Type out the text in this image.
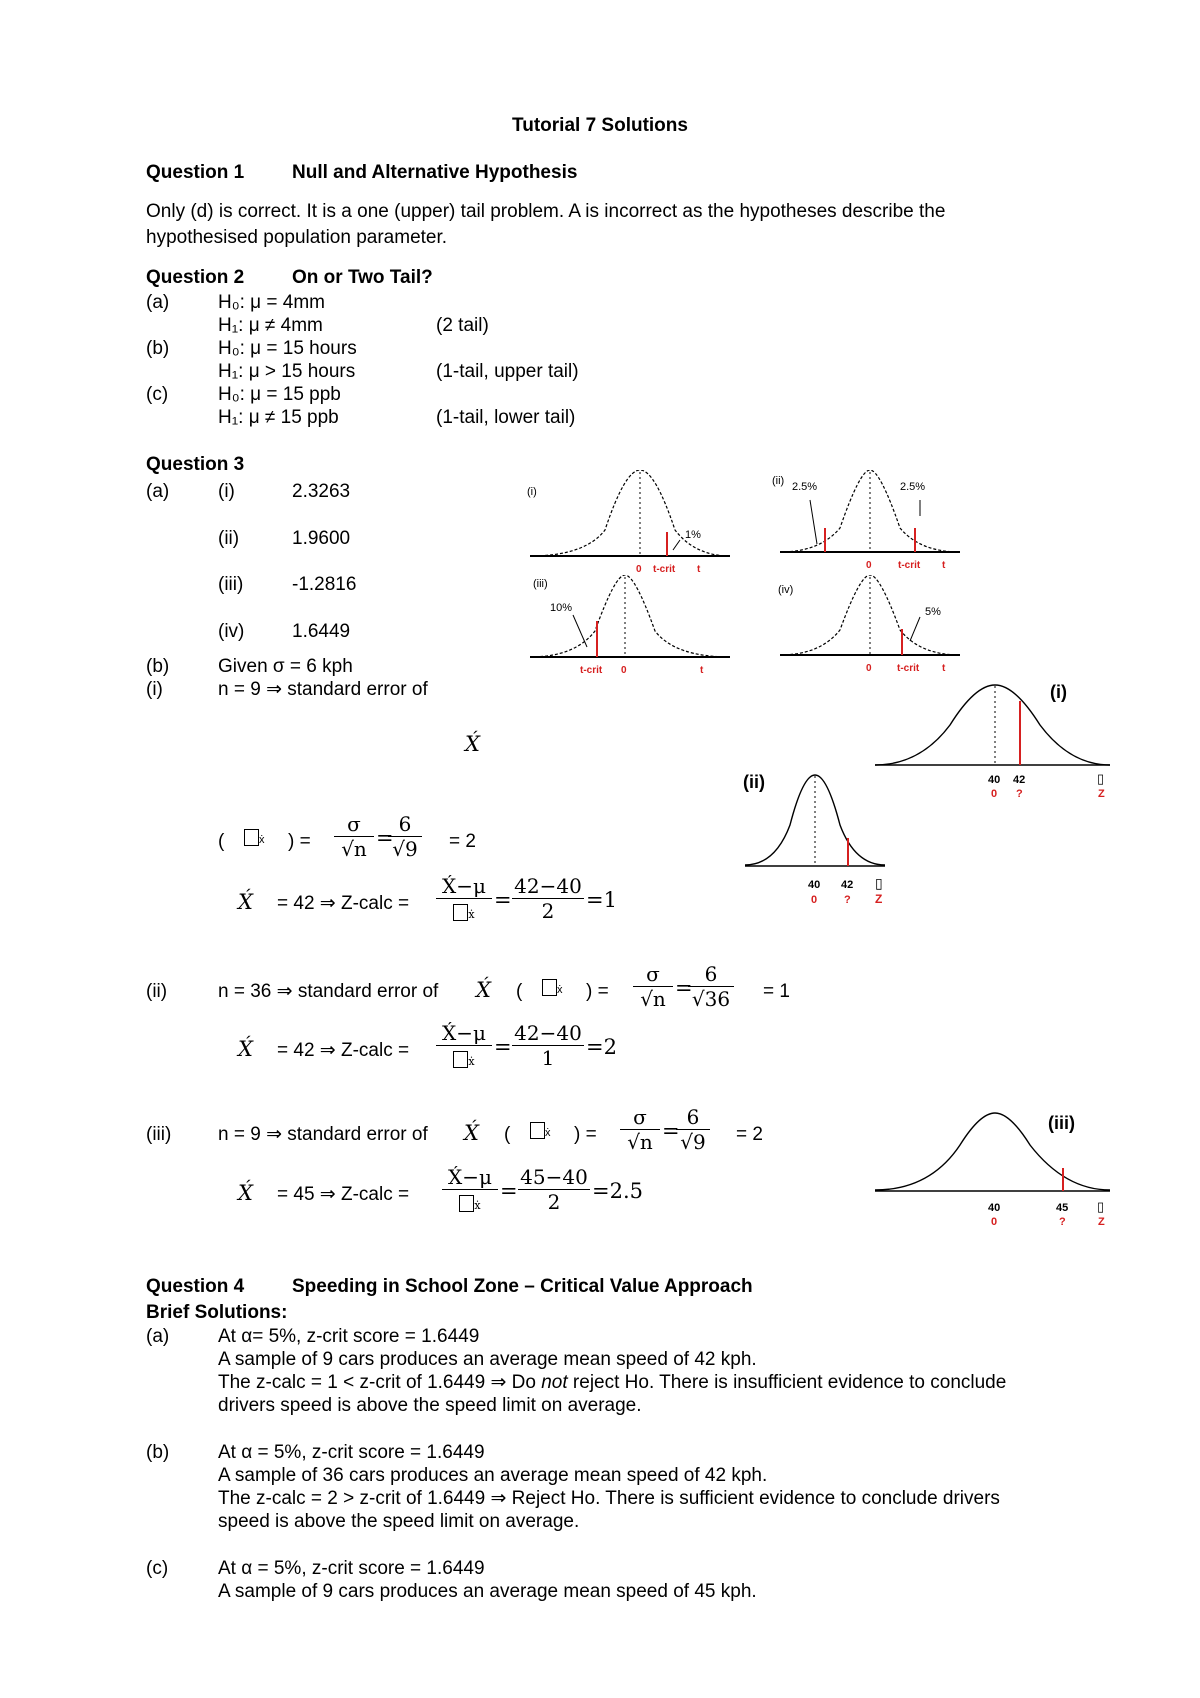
Tutorial 7 Solutions
Question 1	Null and Alternative Hypothesis
Only (d) is correct. It is a one (upper) tail problem. A is incorrect as the hypotheses describe the
hypothesised population parameter.
Question 2	On or Two Tail?
(a)	H₀: μ = 4mm
H₁: μ ≠ 4mm	(2 tail)
(b)	H₀: μ = 15 hours
H₁: μ > 15 hours	(1-tail, upper tail)
(c)	H₀: μ = 15 ppb
H₁: μ ≠ 15 ppb	(1-tail, lower tail)
Question 3
(a)	(i)	2.3263
(ii)	1.9600
(iii)	-1.2816
(iv)	1.6449
(b)	Given σ = 6 kph
(i)	n = 9 ⇒ standard error of
X́
(	ẋ ) = $\frac{\sigma}{√n}$ =
$\frac{6}{√9} = 2$
X́ = 42 ⇒ Z-calc = $\frac{X́-\mu}{ẋ} = \frac{42-40}{2} =1$
(ii)	n = 36 ⇒ standard error of X́ (	ẋ ) = $\frac{\sigma}{√n}$ =
$\frac{6}{√36} = 1$
X́ = 42 ⇒ Z-calc = $\frac{X́-\mu}{ẋ} = \frac{42-40}{1} =2$
(iii) n = 9 ⇒ standard error of X́ (	ẋ ) = $\frac{\sigma}{√n}$ =
$\frac{6}{√9} = 2$
X́ = 45 ⇒ Z-calc = $\frac{X́-\mu}{ẋ} = \frac{45-40}{2} =2.5$
(i)
1%
0 t-crit t
(ii) 2.5%	2.5%
0	t-crit t
(iii)
10%
t-crit 0	t
(iv)
5%
0	t-crit t
(i)
40 42	▯
0 ?	Z
(ii)
40 42 ▯
0 ? Z
(iii)
40	45 ▯
0	?	Z
Question 4	Speeding in School Zone – Critical Value Approach
Brief Solutions:
(a)	At α= 5%, z-crit score = 1.6449
A sample of 9 cars produces an average mean speed of 42 kph.
The z-calc = 1 < z-crit of 1.6449 ⇒ Do not reject Ho. There is insufficient evidence to conclude
drivers speed is above the speed limit on average.
(b)	At α = 5%, z-crit score = 1.6449
A sample of 36 cars produces an average mean speed of 42 kph.
The z-calc = 2 > z-crit of 1.6449 ⇒ Reject Ho. There is sufficient evidence to conclude drivers
speed is above the speed limit on average.
(c)	At α = 5%, z-crit score = 1.6449
A sample of 9 cars produces an average mean speed of 45 kph.
